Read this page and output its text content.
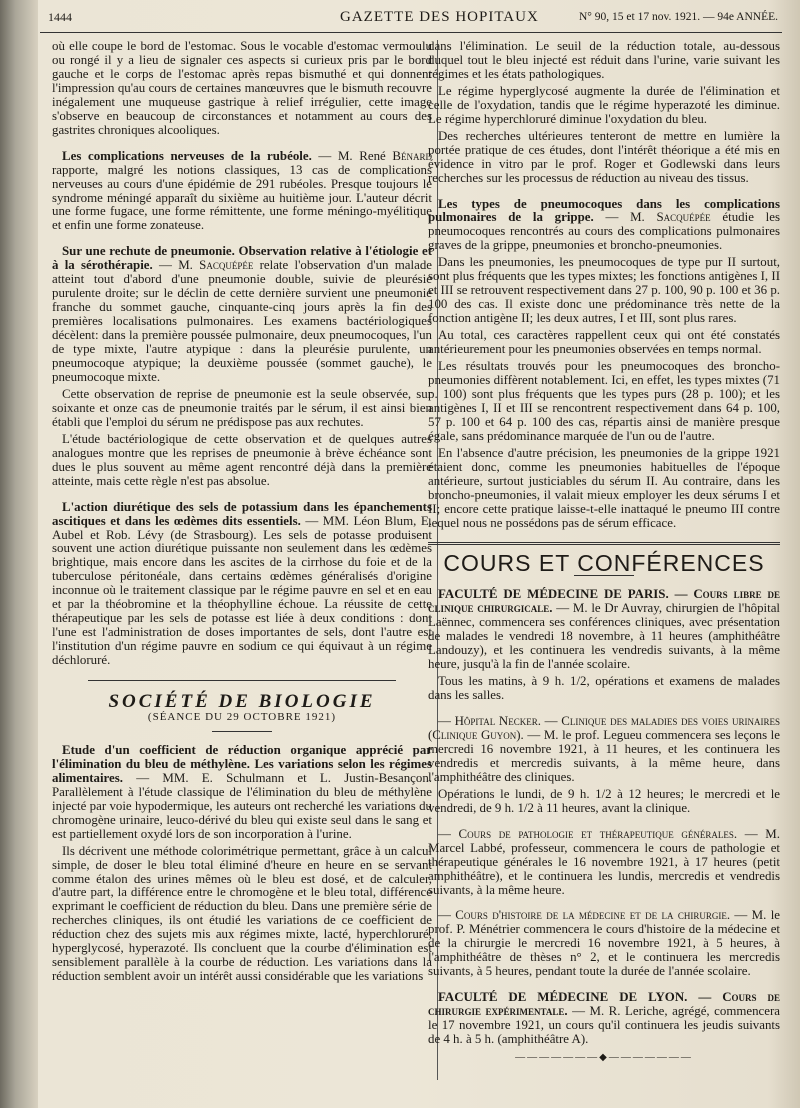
1444	GAZETTE DES HOPITAUX	N° 90, 15 et 17 nov. 1921. — 94e ANNÉE.

où elle coupe le bord de l'estomac. Sous le vocable d'estomac vermoulu ou rongé il y a lieu de signaler ces aspects si curieux pris par le bord gauche et le corps de l'estomac après repas bismuthé et qui donnent l'impression qu'au cours de certaines manœuvres que le bismuth recouvre inégalement une muqueuse gastrique à relief irrégulier, cette image s'observe en beaucoup de circonstances et notamment au cours des gastrites chroniques alcooliques.

Les complications nerveuses de la rubéole. — M. René Bénard rapporte, malgré les notions classiques, 13 cas de complications nerveuses au cours d'une épidémie de 291 rubéoles. Presque toujours le syndrome méningé apparaît du sixième au huitième jour. L'auteur décrit une forme fugace, une forme rémittente, une forme méningo-myélitique et enfin une forme zonateuse.

Sur une rechute de pneumonie. Observation relative à l'étiologie et à la sérothérapie. — M. Sacquépée relate l'observation d'un malade atteint tout d'abord d'une pneumonie double, suivie de pleurésie purulente droite; sur le déclin de cette dernière survient une pneumonie franche du sommet gauche, cinquante-cinq jours après la fin des premières localisations pulmonaires. Les examens bactériologiques décèlent: dans la première poussée pulmonaire, deux pneumocoques, l'un de type mixte, l'autre atypique : dans la pleurésie purulente, un pneumocoque atypique; la deuxième poussée (sommet gauche), le pneumocoque mixte.

Cette observation de reprise de pneumonie est la seule observée, sur soixante et onze cas de pneumonie traités par le sérum, il est ainsi bien établi que l'emploi du sérum ne prédispose pas aux rechutes.

L'étude bactériologique de cette observation et de quelques autres analogues montre que les reprises de pneumonie à brève échéance sont dues le plus souvent au même agent rencontré déjà dans la première atteinte, mais cette règle n'est pas absolue.

L'action diurétique des sels de potassium dans les épanchements ascitiques et dans les œdèmes dits essentiels. — MM. Léon Blum, E. Aubel et Rob. Lévy (de Strasbourg). Les sels de potasse produisent souvent une action diurétique puissante non seulement dans les œdèmes brightique, mais encore dans les ascites de la cirrhose du foie et de la tuberculose péritonéale, dans certains œdèmes généralisés d'origine inconnue où le traitement classique par le régime pauvre en sel et en eau et par la théobromine et la théophylline échoue. La réussite de cette thérapeutique par les sels de potasse est liée à deux conditions : dont l'une est l'administration de doses importantes de sels, dont l'autre est l'institution d'un régime pauvre en sodium ce qui équivaut à un régime déchloruré.

SOCIÉTÉ DE BIOLOGIE
(SÉANCE DU 29 OCTOBRE 1921)

Etude d'un coefficient de réduction organique apprécié par l'élimination du bleu de méthylène. Les variations selon les régimes alimentaires. — MM. E. Schulmann et L. Justin-Besançon. Parallèlement à l'étude classique de l'élimination du bleu de méthylène injecté par voie hypodermique, les auteurs ont recherché les variations du chromogène urinaire, leuco-dérivé du bleu qui existe seul dans le sang et est partiellement oxydé lors de son incorporation à l'urine.

Ils décrivent une méthode colorimétrique permettant, grâce à un calcul simple, de doser le bleu total éliminé d'heure en heure en se servant comme étalon des urines mêmes où le bleu est dosé, et de calculer, d'autre part, la différence entre le chromogène et le bleu total, différence exprimant le coefficient de réduction du bleu. Dans une première série de recherches cliniques, ils ont étudié les variations de ce coefficient de réduction chez des sujets mis aux régimes mixte, lacté, hyperchloruré, hyperglycosé, hyperazoté. Ils concluent que la courbe d'élimination est sensiblement parallèle à la courbe de réduction. Les variations dans la réduction semblent avoir un intérêt aussi considérable que les variations

dans l'élimination. Le seuil de la réduction totale, au-dessous duquel tout le bleu injecté est réduit dans l'urine, varie suivant les régimes et les états pathologiques.

Le régime hyperglycosé augmente la durée de l'élimination et celle de l'oxydation, tandis que le régime hyperazoté les diminue. Le régime hyperchloruré diminue l'oxydation du bleu.

Des recherches ultérieures tenteront de mettre en lumière la portée pratique de ces études, dont l'intérêt théorique a été mis en évidence in vitro par le prof. Roger et Godlewski dans leurs recherches sur les processus de réduction au niveau des tissus.

Les types de pneumocoques dans les complications pulmonaires de la grippe. — M. Sacquépée étudie les pneumocoques rencontrés au cours des complications pulmonaires graves de la grippe, pneumonies et broncho-pneumonies.

Dans les pneumonies, les pneumocoques de type pur II surtout, sont plus fréquents que les types mixtes; les fonctions antigènes I, II et III se retrouvent respectivement dans 27 p. 100, 90 p. 100 et 36 p. 100 des cas. Il existe donc une prédominance très nette de la fonction antigène II; les deux autres, I et III, sont plus rares.

Au total, ces caractères rappellent ceux qui ont été constatés antérieurement pour les pneumonies observées en temps normal.

Les résultats trouvés pour les pneumocoques des broncho-pneumonies diffèrent notablement. Ici, en effet, les types mixtes (71 p. 100) sont plus fréquents que les types purs (28 p. 100); et les antigènes I, II et III se rencontrent respectivement dans 64 p. 100, 57 p. 100 et 64 p. 100 des cas, répartis ainsi de manière presque égale, sans prédominance marquée de l'un ou de l'autre.

En l'absence d'autre précision, les pneumonies de la grippe 1921 étaient donc, comme les pneumonies habituelles de l'époque antérieure, surtout justiciables du sérum II. Au contraire, dans les broncho-pneumonies, il valait mieux employer les deux sérums I et II; encore cette pratique laisse-t-elle inattaqué le pneumo III contre lequel nous ne possédons pas de sérum efficace.

COURS ET CONFÉRENCES

FACULTÉ DE MÉDECINE DE PARIS. — Cours libre de clinique chirurgicale. — M. le Dr Auvray, chirurgien de l'hôpital Laënnec, commencera ses conférences cliniques, avec présentation de malades le vendredi 18 novembre, à 11 heures (amphithéâtre Landouzy), et les continuera les vendredis suivants, à la même heure, jusqu'à la fin de l'année scolaire.

Tous les matins, à 9 h. 1/2, opérations et examens de malades dans les salles.

— Hôpital Necker. — Clinique des maladies des voies urinaires (Clinique Guyon). — M. le prof. Legueu commencera ses leçons le mercredi 16 novembre 1921, à 11 heures, et les continuera les vendredis et mercredis suivants, à la même heure, dans l'amphithéâtre des cliniques.

Opérations le lundi, de 9 h. 1/2 à 12 heures; le mercredi et le vendredi, de 9 h. 1/2 à 11 heures, avant la clinique.

— Cours de pathologie et thérapeutique générales. — M. Marcel Labbé, professeur, commencera le cours de pathologie et thérapeutique générales le 16 novembre 1921, à 17 heures (petit amphithéâtre), et le continuera les lundis, mercredis et vendredis suivants, à la même heure.

— Cours d'histoire de la médecine et de la chirurgie. — M. le prof. P. Ménétrier commencera le cours d'histoire de la médecine et de la chirurgie le mercredi 16 novembre 1921, à 5 heures, à l'amphithéâtre de thèses n° 2, et le continuera les mercredis suivants, à 5 heures, pendant toute la durée de l'année scolaire.

FACULTÉ DE MÉDECINE DE LYON. — Cours de chirurgie expérimentale. — M. R. Leriche, agrégé, commencera le 17 novembre 1921, un cours qu'il continuera les jeudis suivants de 4 h. à 5 h. (amphithéâtre A).

———————◆———————
